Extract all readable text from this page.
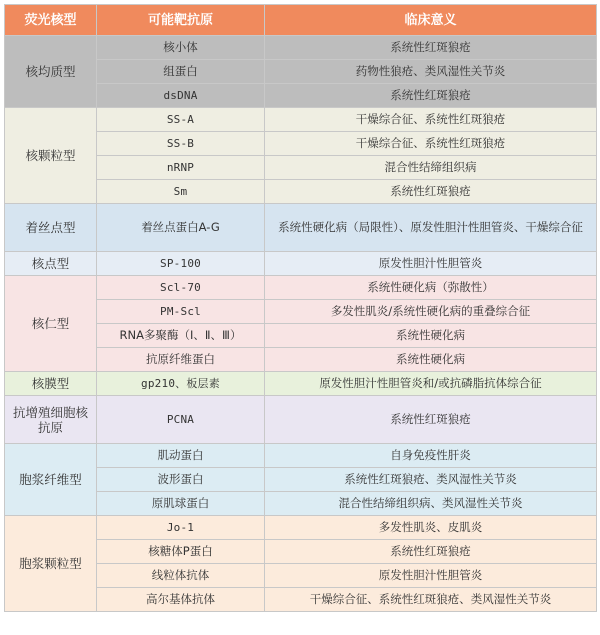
荧光核型	可能靶抗原	临床意义
核均质型	核小体	系统性红斑狼疮
	组蛋白	药物性狼疮、类风湿性关节炎
	dsDNA	系统性红斑狼疮
核颗粒型	SS-A	干燥综合征、系统性红斑狼疮
	SS-B	干燥综合征、系统性红斑狼疮
	nRNP	混合性结缔组织病
	Sm	系统性红斑狼疮
着丝点型	着丝点蛋白A-G	系统性硬化病（局限性）、原发性胆汁性胆管炎、干燥综合征
核点型	SP-100	原发性胆汁性胆管炎
核仁型	Scl-70	系统性硬化病（弥散性）
	PM-Scl	多发性肌炎/系统性硬化病的重叠综合征
	RNA多聚酶（Ⅰ、Ⅱ、Ⅲ）	系统性硬化病
	抗原纤维蛋白	系统性硬化病
核膜型	gp210、板层素	原发性胆汁性胆管炎和/或抗磷脂抗体综合征
抗增殖细胞核抗原	PCNA	系统性红斑狼疮
胞浆纤维型	肌动蛋白	自身免疫性肝炎
	波形蛋白	系统性红斑狼疮、类风湿性关节炎
	原肌球蛋白	混合性结缔组织病、类风湿性关节炎
胞浆颗粒型	Jo-1	多发性肌炎、皮肌炎
	核糖体P蛋白	系统性红斑狼疮
	线粒体抗体	原发性胆汁性胆管炎
	高尔基体抗体	干燥综合征、系统性红斑狼疮、类风湿性关节炎
